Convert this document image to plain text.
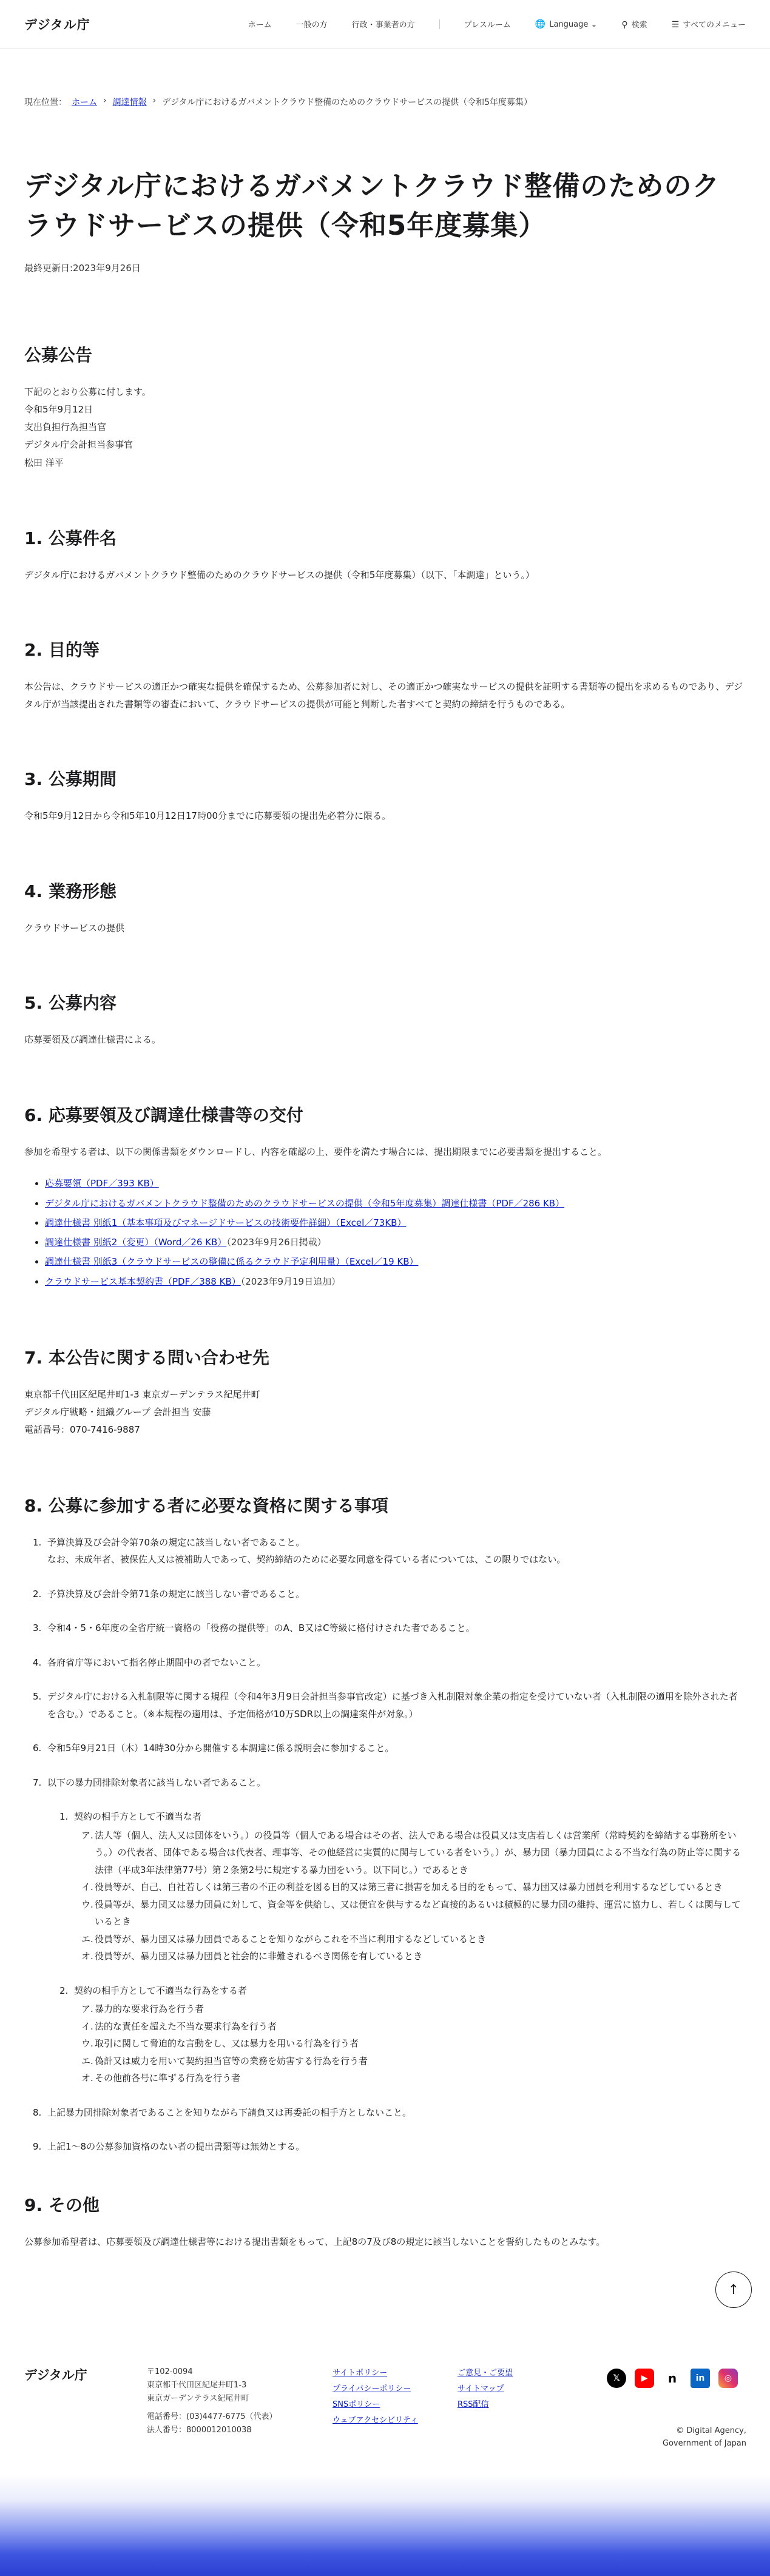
デジタル庁	ホーム	一般の方	行政・事業者の方	プレスルーム	🌐 Language ⌄	⚲ 検索	☰ すべてのメニュー
現在位置： ホーム › 調達情報 › デジタル庁におけるガバメントクラウド整備のためのクラウドサービスの提供（令和5年度募集）
デジタル庁におけるガバメントクラウド整備のためのクラウドサービスの提供（令和5年度募集）
最終更新日:2023年9月26日
公募公告
下記のとおり公募に付します。
令和5年9月12日
支出負担行為担当官
デジタル庁会計担当参事官
松田 洋平
1. 公募件名

デジタル庁におけるガバメントクラウド整備のためのクラウドサービスの提供（令和5年度募集）（以下、「本調達」という。）

2. 目的等

本公告は、クラウドサービスの適正かつ確実な提供を確保するため、公募参加者に対し、その適正かつ確実なサービスの提供を証明する書類等の提出を求めるものであり、デジタル庁が当該提出された書類等の審査において、クラウドサービスの提供が可能と判断した者すべてと契約の締結を行うものである。

3. 公募期間

令和5年9月12日から令和5年10月12日17時00分までに応募要領の提出先必着分に限る。

4. 業務形態

クラウドサービスの提供

5. 公募内容

応募要領及び調達仕様書による。

6. 応募要領及び調達仕様書等の交付

参加を希望する者は、以下の関係書類をダウンロードし、内容を確認の上、要件を満たす場合には、提出期限までに必要書類を提出すること。

• 応募要領（PDF／393 KB）
• デジタル庁におけるガバメントクラウド整備のためのクラウドサービスの提供（令和5年度募集）調達仕様書（PDF／286 KB）
• 調達仕様書 別紙1（基本事項及びマネージドサービスの技術要件詳細）（Excel／73KB）
• 調達仕様書 別紙2（変更）（Word／26 KB）（2023年9月26日掲載）
• 調達仕様書 別紙3（クラウドサービスの整備に係るクラウド予定利用量）（Excel／19 KB）
• クラウドサービス基本契約書（PDF／388 KB）（2023年9月19日追加）
7. 本公告に関する問い合わせ先
東京都千代田区紀尾井町1-3 東京ガーデンテラス紀尾井町
デジタル庁戦略・組織グループ 会計担当 安藤
電話番号：070-7416-9887
8. 公募に参加する者に必要な資格に関する事項
1. 予算決算及び会計令第70条の規定に該当しない者であること。
なお、未成年者、被保佐人又は被補助人であって、契約締結のために必要な同意を得ている者については、この限りではない。
2. 予算決算及び会計令第71条の規定に該当しない者であること。
3. 令和4・5・6年度の全省庁統一資格の「役務の提供等」のA、B又はC等級に格付けされた者であること。
4. 各府省庁等において指名停止期間中の者でないこと。
5. デジタル庁における入札制限等に関する規程（令和4年3月9日会計担当参事官改定）に基づき入札制限対象企業の指定を受けていない者（入札制限の適用を除外された者を含む。）であること。（※本規程の適用は、予定価格が10万SDR以上の調達案件が対象。）
6. 令和5年9月21日（木）14時30分から開催する本調達に係る説明会に参加すること。
7. 以下の暴力団排除対象者に該当しない者であること。
1. 契約の相手方として不適当な者
ア. 法人等（個人、法人又は団体をいう。）の役員等（個人である場合はその者、法人である場合は役員又は支店若しくは営業所（常時契約を締結する事務所をいう。）の代表者、団体である場合は代表者、理事等、その他経営に実質的に関与している者をいう。）が、暴力団（暴力団員による不当な行為の防止等に関する法律（平成3年法律第77号）第２条第2号に規定する暴力団をいう。以下同じ。）であるとき
イ. 役員等が、自己、自社若しくは第三者の不正の利益を図る目的又は第三者に損害を加える目的をもって、暴力団又は暴力団員を利用するなどしているとき
ウ. 役員等が、暴力団又は暴力団員に対して、資金等を供給し、又は便宜を供与するなど直接的あるいは積極的に暴力団の維持、運営に協力し、若しくは関与しているとき
エ. 役員等が、暴力団又は暴力団員であることを知りながらこれを不当に利用するなどしているとき
オ. 役員等が、暴力団又は暴力団員と社会的に非難されるべき関係を有しているとき
2. 契約の相手方として不適当な行為をする者
ア. 暴力的な要求行為を行う者
イ. 法的な責任を超えた不当な要求行為を行う者
ウ. 取引に関して脅迫的な言動をし、又は暴力を用いる行為を行う者
エ. 偽計又は威力を用いて契約担当官等の業務を妨害する行為を行う者
オ. その他前各号に準ずる行為を行う者
8. 上記暴力団排除対象者であることを知りながら下請負又は再委託の相手方としないこと。
9. 上記1～8の公募参加資格のない者の提出書類等は無効とする。
9. その他

公募参加希望者は、応募要領及び調達仕様書等における提出書類をもって、上記8の7及び8の規定に該当しないことを誓約したものとみなす。

↑
デジタル庁	〒102-0094
東京都千代田区紀尾井町1-3
東京ガーデンテラス紀尾井町
電話番号：(03)4477-6775（代表）
法人番号：8000012010038
サイトポリシー
プライバシーポリシー
SNSポリシー
ウェブアクセシビリティ
ご意見・ご要望
サイトマップ
RSS配信
𝕏	▶	n	in	◎
© Digital Agency,
Government of Japan
